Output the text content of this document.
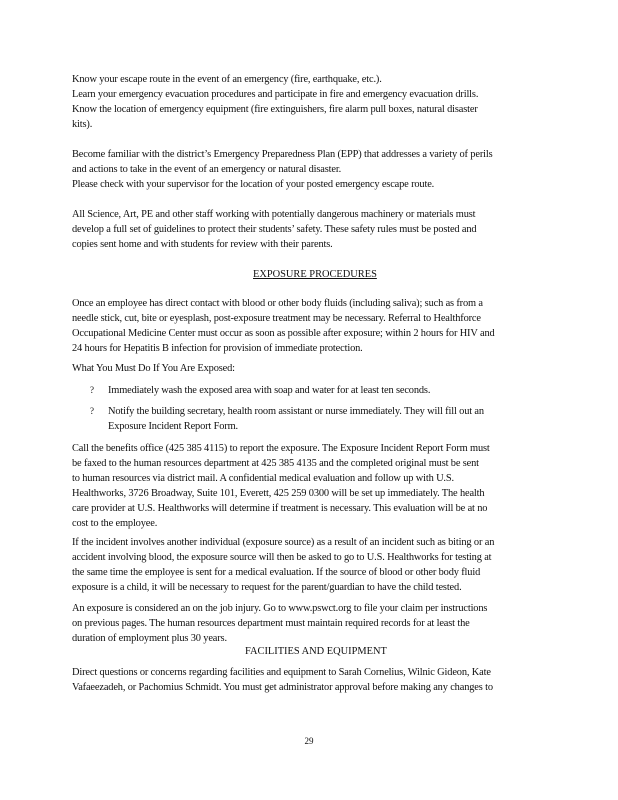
Know your escape route in the event of an emergency (fire, earthquake, etc.).
Learn your emergency evacuation procedures and participate in fire and emergency evacuation drills.
Know the location of emergency equipment (fire extinguishers, fire alarm pull boxes, natural disaster
kits).
Become familiar with the district’s Emergency Preparedness Plan (EPP) that addresses a variety of perils
and actions to take in the event of an emergency or natural disaster.
Please check with your supervisor for the location of your posted emergency escape route.
All Science, Art, PE and other staff working with potentially dangerous machinery or materials must
develop a full set of guidelines to protect their students’ safety. These safety rules must be posted and
copies sent home and with students for review with their parents.
EXPOSURE PROCEDURES
Once an employee has direct contact with blood or other body fluids (including saliva); such as from a
needle stick, cut, bite or eyesplash, post-exposure treatment may be necessary. Referral to Healthforce
Occupational Medicine Center must occur as soon as possible after exposure; within 2 hours for HIV and
24 hours for Hepatitis B infection for provision of immediate protection.
What You Must Do If You Are Exposed:
? Immediately wash the exposed area with soap and water for at least ten seconds.
? Notify the building secretary, health room assistant or nurse immediately. They will fill out an
Exposure Incident Report Form.
Call the benefits office (425 385 4115) to report the exposure. The Exposure Incident Report Form must
be faxed to the human resources department at 425 385 4135 and the completed original must be sent
to human resources via district mail. A confidential medical evaluation and follow up with U.S.
Healthworks, 3726 Broadway, Suite 101, Everett, 425 259 0300 will be set up immediately. The health
care provider at U.S. Healthworks will determine if treatment is necessary. This evaluation will be at no
cost to the employee.
If the incident involves another individual (exposure source) as a result of an incident such as biting or an
accident involving blood, the exposure source will then be asked to go to U.S. Healthworks for testing at
the same time the employee is sent for a medical evaluation. If the source of blood or other body fluid
exposure is a child, it will be necessary to request for the parent/guardian to have the child tested.
An exposure is considered an on the job injury. Go to www.pswct.org to file your claim per instructions
on previous pages. The human resources department must maintain required records for at least the
duration of employment plus 30 years.
FACILITIES AND EQUIPMENT
Direct questions or concerns regarding facilities and equipment to Sarah Cornelius, Wilnic Gideon, Kate
Vafaeezadeh, or Pachomius Schmidt. You must get administrator approval before making any changes to
29
